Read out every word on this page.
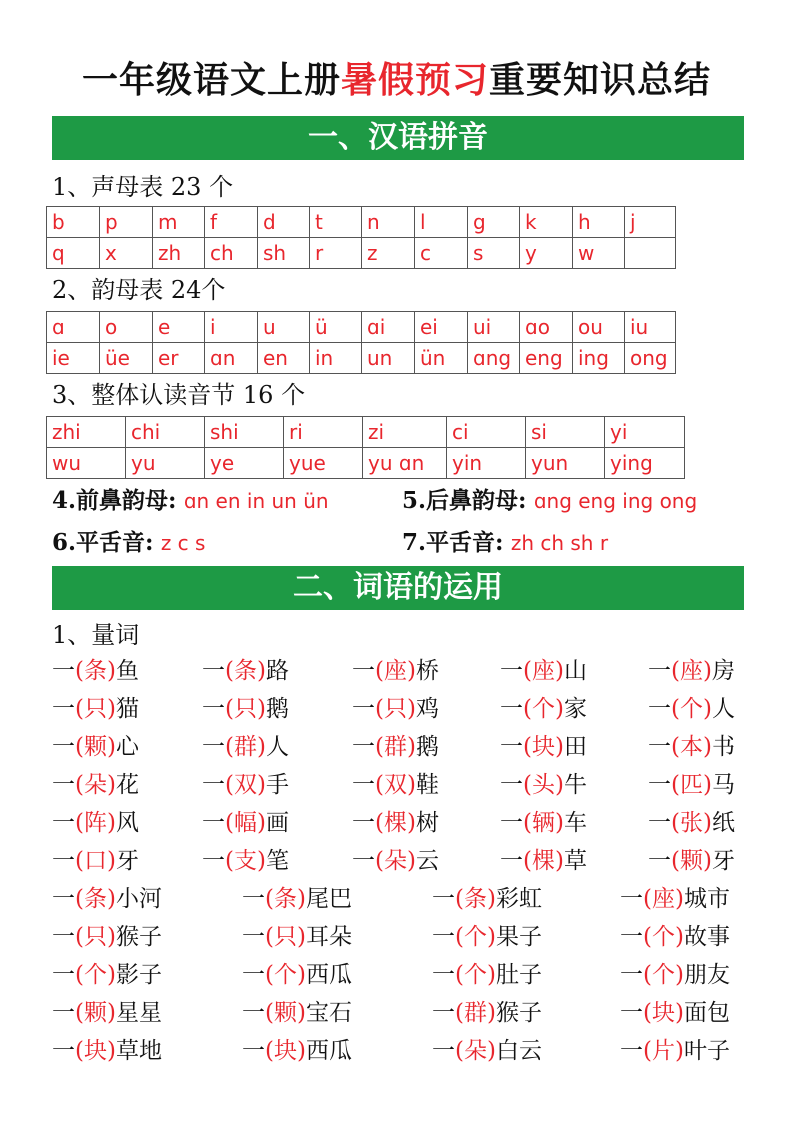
一年级语文上册暑假预习重要知识总结
一、汉语拼音
1、声母表 23 个
b	p	m	f	d	t	n	l	g	k	h	j
q	x	zh	ch	sh	r	z	c	s	y	w	
2、韵母表 24个
ɑ	o	e	i	u	ü	ɑi	ei	ui	ɑo	ou	iu
ie	üe	er	ɑn	en	in	un	ün	ɑng	eng	ing	ong
3、整体认读音节 16 个
zhi	chi	shi	ri	zi	ci	si	yi
wu	yu	ye	yue	yu ɑn	yin	yun	ying
4.前鼻韵母: ɑn en in un ün	5.后鼻韵母: ɑng eng ing ong
6.平舌音: z c s	7.平舌音: zh ch sh r
二、词语的运用
1、量词
一(条)鱼	一(条)路	一(座)桥	一(座)山	一(座)房
一(只)猫	一(只)鹅	一(只)鸡	一(个)家	一(个)人
一(颗)心	一(群)人	一(群)鹅	一(块)田	一(本)书
一(朵)花	一(双)手	一(双)鞋	一(头)牛	一(匹)马
一(阵)风	一(幅)画	一(棵)树	一(辆)车	一(张)纸
一(口)牙	一(支)笔	一(朵)云	一(棵)草	一(颗)牙
一(条)小河	一(条)尾巴	一(条)彩虹	一(座)城市
一(只)猴子	一(只)耳朵	一(个)果子	一(个)故事
一(个)影子	一(个)西瓜	一(个)肚子	一(个)朋友
一(颗)星星	一(颗)宝石	一(群)猴子	一(块)面包
一(块)草地	一(块)西瓜	一(朵)白云	一(片)叶子
